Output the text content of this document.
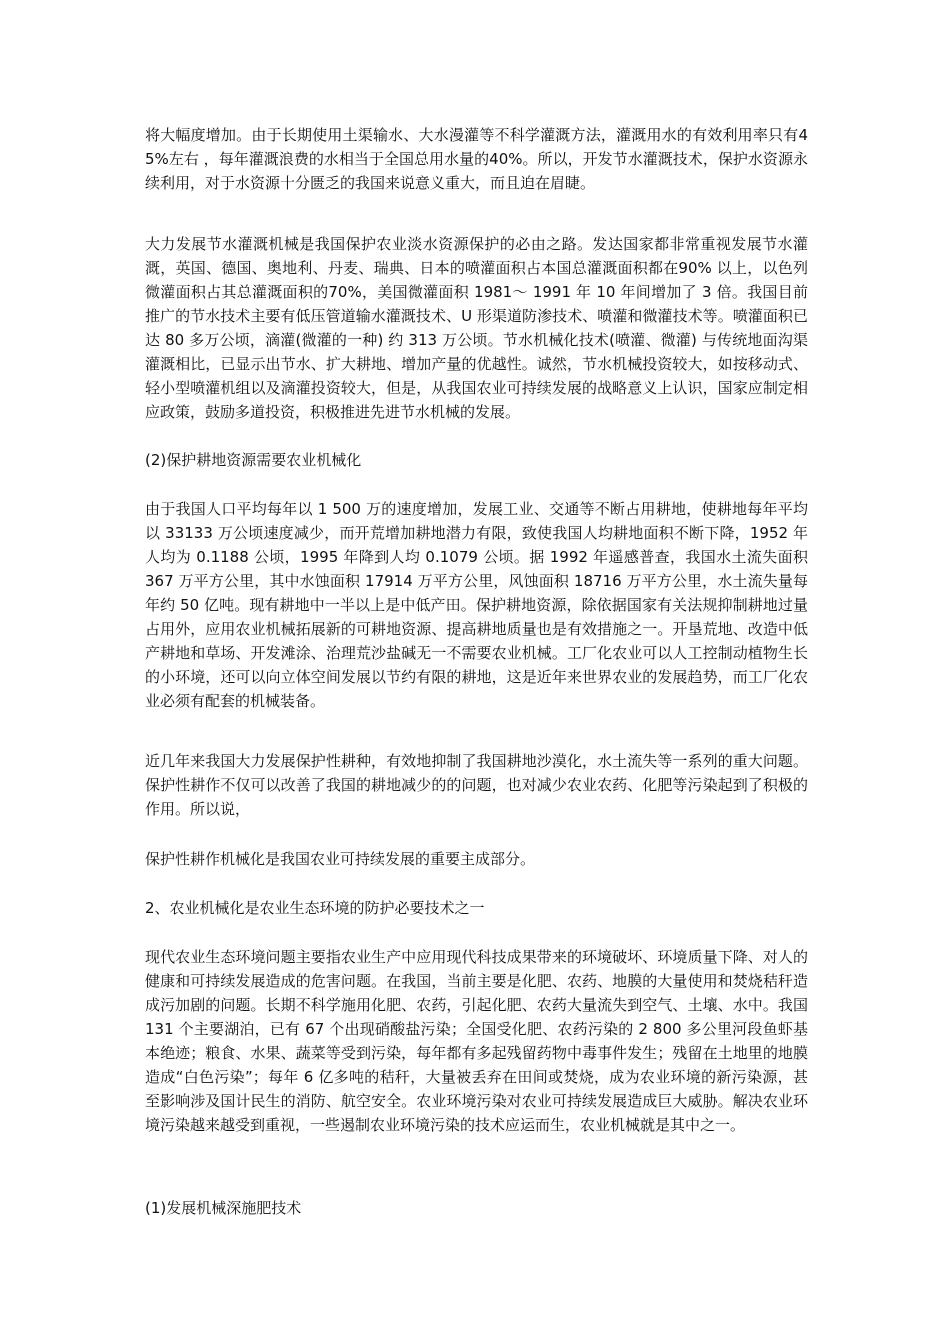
将大幅度增加。由于长期使用土渠输水、大水漫灌等不科学灌溉方法，灌溉用水的有效利用率只有45%左右 ，每年灌溉浪费的水相当于全国总用水量的40%。所以，开发节水灌溉技术，保护水资源永续利用，对于水资源十分匮乏的我国来说意义重大，而且迫在眉睫。

大力发展节水灌溉机械是我国保护农业淡水资源保护的必由之路。发达国家都非常重视发展节水灌溉，英国、德国、奥地利、丹麦、瑞典、日本的喷灌面积占本国总灌溉面积都在90% 以上，以色列微灌面积占其总灌溉面积的70%，美国微灌面积 1981～ 1991 年 10 年间增加了 3 倍。我国目前推广的节水技术主要有低压管道输水灌溉技术、U 形渠道防渗技术、喷灌和微灌技术等。喷灌面积已达 80 多万公顷，滴灌(微灌的一种) 约 313 万公顷。节水机械化技术(喷灌、微灌) 与传统地面沟渠灌溉相比，已显示出节水、扩大耕地、增加产量的优越性。诚然，节水机械投资较大，如按移动式、轻小型喷灌机组以及滴灌投资较大，但是，从我国农业可持续发展的战略意义上认识，国家应制定相应政策，鼓励多道投资，积极推进先进节水机械的发展。

(2)保护耕地资源需要农业机械化

由于我国人口平均每年以 1 500 万的速度增加，发展工业、交通等不断占用耕地，使耕地每年平均以 33133 万公顷速度减少，而开荒增加耕地潜力有限，致使我国人均耕地面积不断下降，1952 年人均为 0.1188 公顷，1995 年降到人均 0.1079 公顷。据 1992 年遥感普查，我国水土流失面积 367 万平方公里，其中水蚀面积 17914 万平方公里，风蚀面积 18716 万平方公里，水土流失量每年约 50 亿吨。现有耕地中一半以上是中低产田。保护耕地资源，除依据国家有关法规抑制耕地过量占用外，应用农业机械拓展新的可耕地资源、提高耕地质量也是有效措施之一。开垦荒地、改造中低产耕地和草场、开发滩涂、治理荒沙盐碱无一不需要农业机械。工厂化农业可以人工控制动植物生长的小环境，还可以向立体空间发展以节约有限的耕地，这是近年来世界农业的发展趋势，而工厂化农业必须有配套的机械装备。

近几年来我国大力发展保护性耕种，有效地抑制了我国耕地沙漠化，水土流失等一系列的重大问题。保护性耕作不仅可以改善了我国的耕地减少的的问题，也对减少农业农药、化肥等污染起到了积极的作用。所以说，

保护性耕作机械化是我国农业可持续发展的重要主成部分。

2、农业机械化是农业生态环境的防护必要技术之一

现代农业生态环境问题主要指农业生产中应用现代科技成果带来的环境破坏、环境质量下降、对人的健康和可持续发展造成的危害问题。在我国，当前主要是化肥、农药、地膜的大量使用和焚烧秸秆造成污加剧的问题。长期不科学施用化肥、农药，引起化肥、农药大量流失到空气、土壤、水中。我国 131 个主要湖泊，已有 67 个出现硝酸盐污染；全国受化肥、农药污染的 2 800 多公里河段鱼虾基本绝迹；粮食、水果、蔬菜等受到污染，每年都有多起残留药物中毒事件发生；残留在土地里的地膜造成“白色污染”；每年 6 亿多吨的秸秆，大量被丢弃在田间或焚烧，成为农业环境的新污染源，甚至影响涉及国计民生的消防、航空安全。农业环境污染对农业可持续发展造成巨大威胁。解决农业环境污染越来越受到重视，一些遏制农业环境污染的技术应运而生，农业机械就是其中之一。

(1)发展机械深施肥技术
